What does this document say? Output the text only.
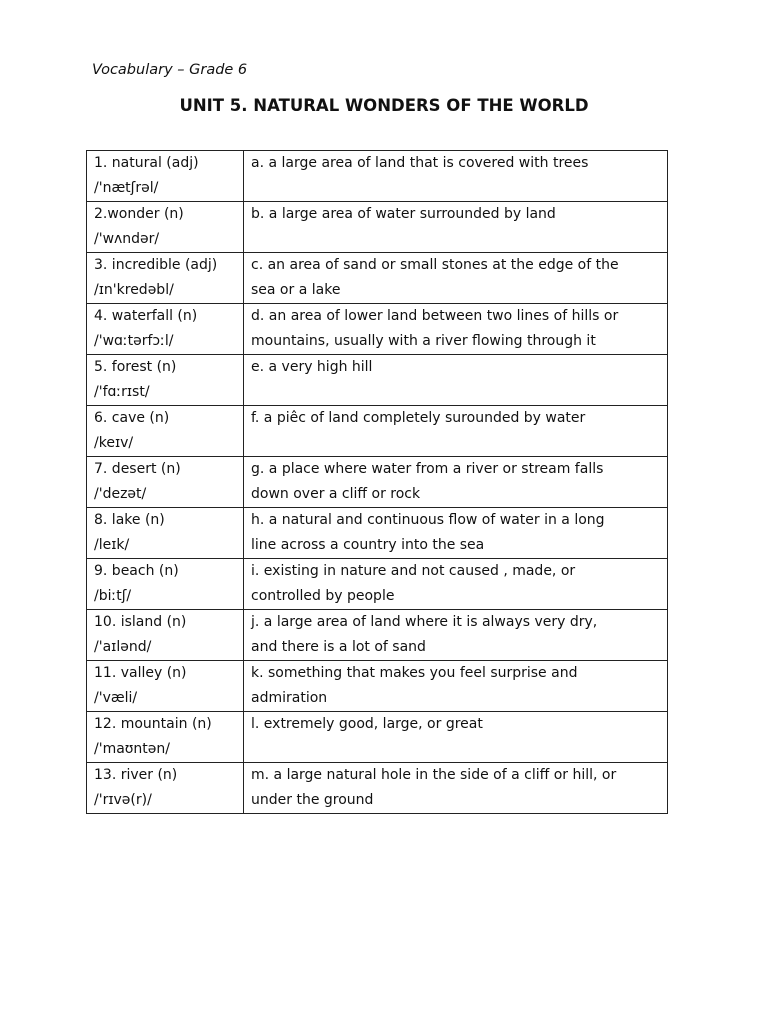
Vocabulary – Grade 6
UNIT 5. NATURAL WONDERS OF THE WORLD
1. natural (adj)
/'nætʃrəl/	a. a large area of land that is covered with trees

2.wonder (n)
/'wʌndər/	b. a large area of water surrounded by land

3. incredible (adj)
/ɪn'kredəbl/	c. an area of sand or small stones at the edge of the
sea or a lake

4. waterfall (n)
/'wɑːtərfɔːl/	d. an area of lower land between two lines of hills or
mountains, usually with a river flowing through it

5. forest (n)
/'fɑːrɪst/	e. a very high hill

6. cave (n)
/keɪv/	f. a piêc of land completely surounded by water

7. desert (n)
/'dezət/	g. a place where water from a river or stream falls
down over a cliff or rock

8. lake (n)
/leɪk/	h. a natural and continuous flow of water in a long
line across a country into the sea

9. beach (n)
/biːtʃ/	i. existing in nature and not caused , made, or
controlled by people

10. island (n)
/'aɪlənd/	j. a large area of land where it is always very dry,
and there is a lot of sand

11. valley (n)
/'væli/	k. something that makes you feel surprise and
admiration

12. mountain (n)
/'maʊntən/	l. extremely good, large, or great

13. river (n)
/'rɪvə(r)/	m. a large natural hole in the side of a cliff or hill, or
under the ground
